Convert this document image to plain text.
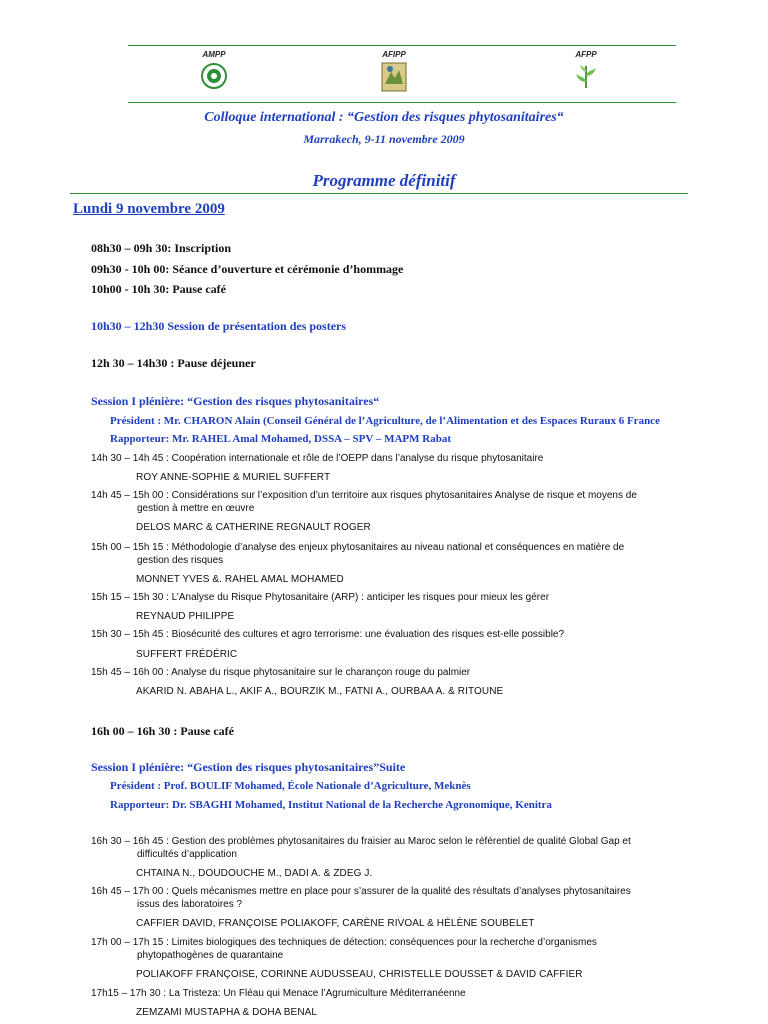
AMPP	AFIPP	AFPP
Colloque international : “Gestion des risques phytosanitaires“
Marrakech, 9-11 novembre 2009
Programme définitif
Lundi 9 novembre 2009
08h30 – 09h 30: Inscription
09h30 - 10h 00: Séance d’ouverture et cérémonie d’hommage
10h00 - 10h 30: Pause café
10h30 – 12h30 Session de présentation des posters
12h 30 – 14h30 : Pause déjeuner
Session I plénière: “Gestion des risques phytosanitaires“
Président : Mr. CHARON Alain (Conseil Général de l’Agriculture, de l’Alimentation et des Espaces Ruraux 6 France
Rapporteur: Mr. RAHEL Amal Mohamed, DSSA – SPV – MAPM Rabat
14h 30 – 14h 45 : Coopération internationale et rôle de l’OEPP dans l’analyse du risque phytosanitaire
ROY ANNE-SOPHIE & MURIEL SUFFERT
14h 45 – 15h 00 : Considérations sur l’exposition d’un territoire aux risques phytosanitaires Analyse de risque et moyens de
gestion à mettre en œuvre
DELOS MARC & CATHERINE REGNAULT ROGER
15h 00 – 15h 15 : Méthodologie d’analyse des enjeux phytosanitaires au niveau national et conséquences en matière de
gestion des risques
MONNET YVES &. RAHEL AMAL MOHAMED
15h 15 – 15h 30 : L’Analyse du Risque Phytosanitaire (ARP) : anticiper les risques pour mieux les gérer
REYNAUD PHILIPPE
15h 30 – 15h 45 : Biosécurité des cultures et agro terrorisme: une évaluation des risques est-elle possible?
SUFFERT FRÉDÉRIC
15h 45 – 16h 00 : Analyse du risque phytosanitaire sur le charançon rouge du palmier
AKARID N. ABAHA L., AKIF A., BOURZIK M., FATNI A., OURBAA A. & RITOUNE
16h 00 – 16h 30 : Pause café
Session I plénière: “Gestion des risques phytosanitaires”Suite
Président : Prof. BOULIF Mohamed, École Nationale d’Agriculture, Meknès
Rapporteur: Dr. SBAGHI Mohamed, Institut National de la Recherche Agronomique, Kenitra
16h 30 – 16h 45 : Gestion des problèmes phytosanitaires du fraisier au Maroc selon le référentiel de qualité Global Gap et
difficultés d’application
CHTAINA N., DOUDOUCHE M., DADI A. & ZDEG J.
16h 45 – 17h 00 : Quels mécanismes mettre en place pour s’assurer de la qualité des résultats d’analyses phytosanitaires
issus des laboratoires ?
CAFFIER DAVID, FRANÇOISE POLIAKOFF, CARÈNE RIVOAL & HÉLÈNE SOUBELET
17h 00 – 17h 15 : Limites biologiques des techniques de détection: conséquences pour la recherche d’organismes
phytopathogènes de quarantaine
POLIAKOFF FRANÇOISE, CORINNE AUDUSSEAU, CHRISTELLE DOUSSET & DAVID CAFFIER
17h15 – 17h 30 : La Tristeza: Un Fléau qui Menace l’Agrumiculture Méditerranéenne
ZEMZAMI MUSTAPHA & DOHA BENAL
